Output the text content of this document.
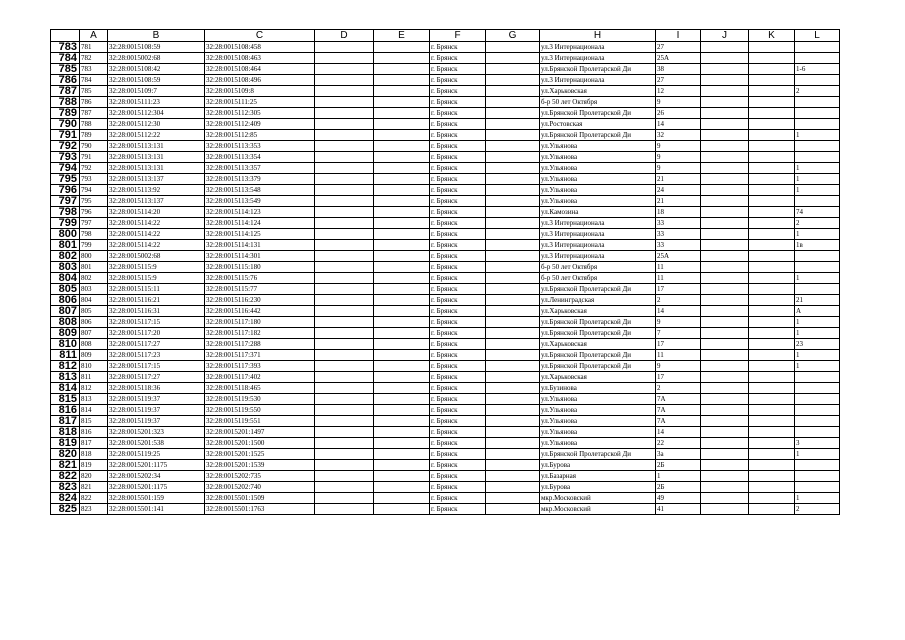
	A	B	C	D	E	F	G	H	I	J	K	L
783	781	32:28:0015108:59	32:28:0015108:458			г. Брянск		ул.3 Интернационала	27			
784	782	32:28:0015002:68	32:28:0015108:463			г. Брянск		ул.3 Интернационала	25А			
785	783	32:28:0015108:42	32:28:0015108:464			г. Брянск		ул.Брянской Пролетарской Ди	38			1-6
786	784	32:28:0015108:59	32:28:0015108:496			г. Брянск		ул.3 Интернационала	27			
787	785	32:28:0015109:7	32:28:0015109:8			г. Брянск		ул.Харьковская	12			2
788	786	32:28:0015111:23	32:28:0015111:25			г. Брянск		б-р 50 лет Октября	9			
789	787	32:28:0015112:304	32:28:0015112:305			г. Брянск		ул.Брянской Пролетарской Ди	26			
790	788	32:28:0015112:30	32:28:0015112:409			г. Брянск		ул.Ростовская	14			
791	789	32:28:0015112:22	32:28:0015112:85			г. Брянск		ул.Брянской Пролетарской Ди	32			1
792	790	32:28:0015113:131	32:28:0015113:353			г. Брянск		ул.Ульянова	9			
793	791	32:28:0015113:131	32:28:0015113:354			г. Брянск		ул.Ульянова	9			
794	792	32:28:0015113:131	32:28:0015113:357			г. Брянск		ул.Ульянова	9			1
795	793	32:28:0015113:137	32:28:0015113:379			г. Брянск		ул.Ульянова	21			1
796	794	32:28:0015113:92	32:28:0015113:548			г. Брянск		ул.Ульянова	24			1
797	795	32:28:0015113:137	32:28:0015113:549			г. Брянск		ул.Ульянова	21			
798	796	32:28:0015114:20	32:28:0015114:123			г. Брянск		ул.Камозина	18			74
799	797	32:28:0015114:22	32:28:0015114:124			г. Брянск		ул.3 Интернационала	33			2
800	798	32:28:0015114:22	32:28:0015114:125			г. Брянск		ул.3 Интернационала	33			1
801	799	32:28:0015114:22	32:28:0015114:131			г. Брянск		ул.3 Интернационала	33			1в
802	800	32:28:0015002:68	32:28:0015114:301			г. Брянск		ул.3 Интернационала	25А			
803	801	32:28:0015115:9	32:28:0015115:180			г. Брянск		б-р 50 лет Октября	11			
804	802	32:28:0015115:9	32:28:0015115:76			г. Брянск		б-р 50 лет Октября	11			1
805	803	32:28:0015115:11	32:28:0015115:77			г. Брянск		ул.Брянской Пролетарской Ди	17			
806	804	32:28:0015116:21	32:28:0015116:230			г. Брянск		ул.Ленинградская	2			21
807	805	32:28:0015116:31	32:28:0015116:442			г. Брянск		ул.Харьковская	14			А
808	806	32:28:0015117:15	32:28:0015117:180			г. Брянск		ул.Брянской Пролетарской Ди	9			1
809	807	32:28:0015117:20	32:28:0015117:182			г. Брянск		ул.Брянской Пролетарской Ди	7			1
810	808	32:28:0015117:27	32:28:0015117:288			г. Брянск		ул.Харьковская	17			23
811	809	32:28:0015117:23	32:28:0015117:371			г. Брянск		ул.Брянской Пролетарской Ди	11			1
812	810	32:28:0015117:15	32:28:0015117:393			г. Брянск		ул.Брянской Пролетарской Ди	9			1
813	811	32:28:0015117:27	32:28:0015117:402			г. Брянск		ул.Харьковская	17			
814	812	32:28:0015118:36	32:28:0015118:465			г. Брянск		ул.Бузинова	2			
815	813	32:28:0015119:37	32:28:0015119:530			г. Брянск		ул.Ульянова	7А			
816	814	32:28:0015119:37	32:28:0015119:550			г. Брянск		ул.Ульянова	7А			
817	815	32:28:0015119:37	32:28:0015119:551			г. Брянск		ул.Ульянова	7А			
818	816	32:28:0015201:323	32:28:0015201:1497			г. Брянск		ул.Ульянова	14			
819	817	32:28:0015201:538	32:28:0015201:1500			г. Брянск		ул.Ульянова	22			3
820	818	32:28:0015119:25	32:28:0015201:1525			г. Брянск		ул.Брянской Пролетарской Ди	3а			1
821	819	32:28:0015201:1175	32:28:0015201:1539			г. Брянск		ул.Бурова	2Б			
822	820	32:28:0015202:34	32:28:0015202:735			г. Брянск		ул.Базарная	1			
823	821	32:28:0015201:1175	32:28:0015202:740			г. Брянск		ул.Бурова	2Б			
824	822	32:28:0015501:159	32:28:0015501:1509			г. Брянск		мкр.Московский	49			1
825	823	32:28:0015501:141	32:28:0015501:1763			г. Брянск		мкр.Московский	41			2
